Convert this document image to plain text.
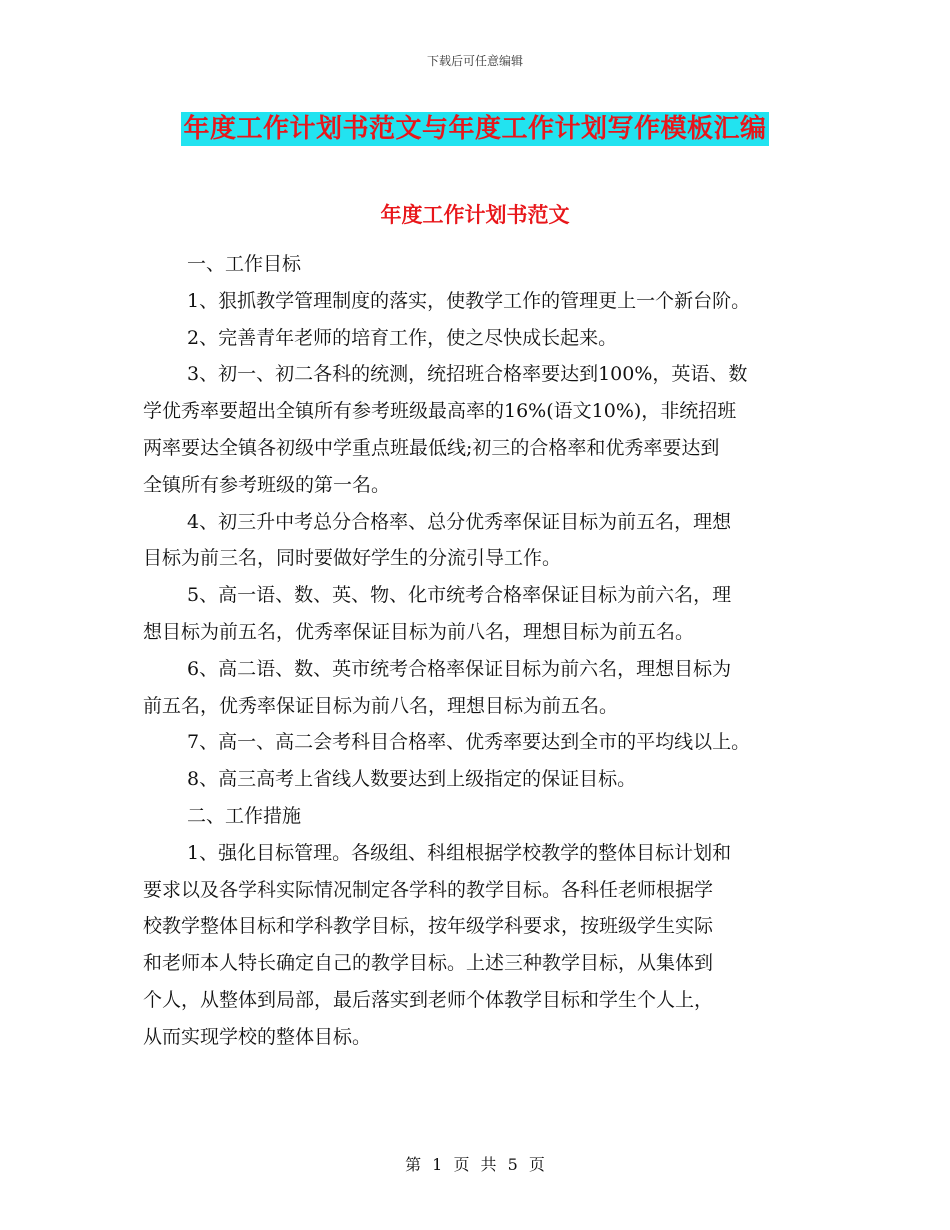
下载后可任意编辑
年度工作计划书范文与年度工作计划写作模板汇编
年度工作计划书范文
一、工作目标
1、狠抓教学管理制度的落实，使教学工作的管理更上一个新台阶。
2、完善青年老师的培育工作，使之尽快成长起来。
3、初一、初二各科的统测，统招班合格率要达到100%，英语、数
学优秀率要超出全镇所有参考班级最高率的16%(语文10%)，非统招班
两率要达全镇各初级中学重点班最低线;初三的合格率和优秀率要达到
全镇所有参考班级的第一名。
4、初三升中考总分合格率、总分优秀率保证目标为前五名，理想
目标为前三名，同时要做好学生的分流引导工作。
5、高一语、数、英、物、化市统考合格率保证目标为前六名，理
想目标为前五名，优秀率保证目标为前八名，理想目标为前五名。
6、高二语、数、英市统考合格率保证目标为前六名，理想目标为
前五名，优秀率保证目标为前八名，理想目标为前五名。
7、高一、高二会考科目合格率、优秀率要达到全市的平均线以上。
8、高三高考上省线人数要达到上级指定的保证目标。
二、工作措施
1、强化目标管理。各级组、科组根据学校教学的整体目标计划和
要求以及各学科实际情况制定各学科的教学目标。各科任老师根据学
校教学整体目标和学科教学目标，按年级学科要求，按班级学生实际
和老师本人特长确定自己的教学目标。上述三种教学目标，从集体到
个人，从整体到局部，最后落实到老师个体教学目标和学生个人上，
从而实现学校的整体目标。
第 1 页 共 5 页
